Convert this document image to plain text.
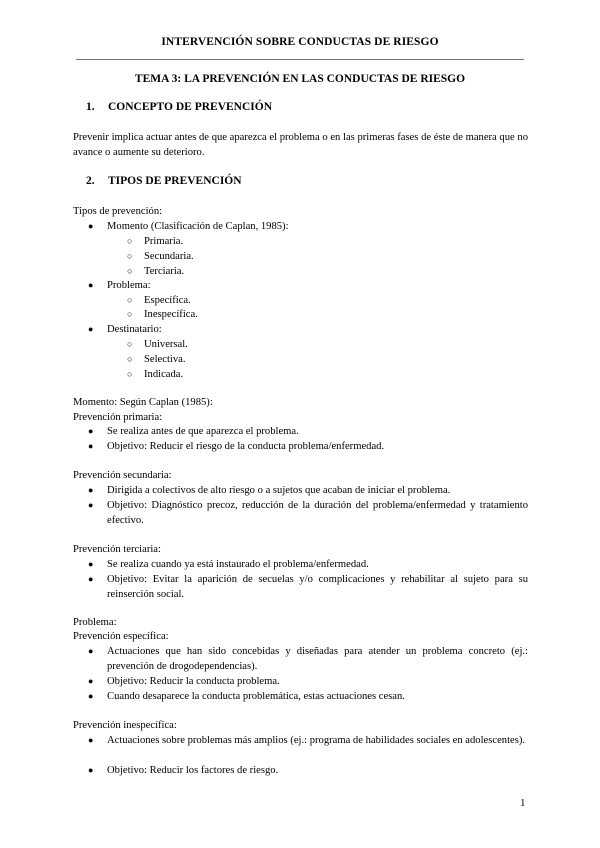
INTERVENCIÓN SOBRE CONDUCTAS DE RIESGO
TEMA 3: LA PREVENCIÓN EN LAS CONDUCTAS DE RIESGO
1. CONCEPTO DE PREVENCIÓN
Prevenir implica actuar antes de que aparezca el problema o en las primeras fases de éste de manera que no avance o aumente su deterioro.
2. TIPOS DE PREVENCIÓN
Tipos de prevención:
● Momento (Clasificación de Caplan, 1985):
○ Primaria.
○ Secundaria.
○ Terciaria.
● Problema:
○ Específica.
○ Inespecífica.
● Destinatario:
○ Universal.
○ Selectiva.
○ Indicada.
Momento: Según Caplan (1985):
Prevención primaria:
● Se realiza antes de que aparezca el problema.
● Objetivo: Reducir el riesgo de la conducta problema/enfermedad.
Prevención secundaria:
● Dirigida a colectivos de alto riesgo o a sujetos que acaban de iniciar el problema.
● Objetivo: Diagnóstico precoz, reducción de la duración del problema/enfermedad y tratamiento efectivo.
Prevención terciaria:
● Se realiza cuando ya está instaurado el problema/enfermedad.
● Objetivo: Evitar la aparición de secuelas y/o complicaciones y rehabilitar al sujeto para su reinserción social.
Problema:
Prevención específica:
● Actuaciones que han sido concebidas y diseñadas para atender un problema concreto (ej.: prevención de drogodependencias).
● Objetivo: Reducir la conducta problema.
● Cuando desaparece la conducta problemática, estas actuaciones cesan.
Prevención inespecífica:
● Actuaciones sobre problemas más amplios (ej.: programa de habilidades sociales en adolescentes).
● Objetivo: Reducir los factores de riesgo.
1
